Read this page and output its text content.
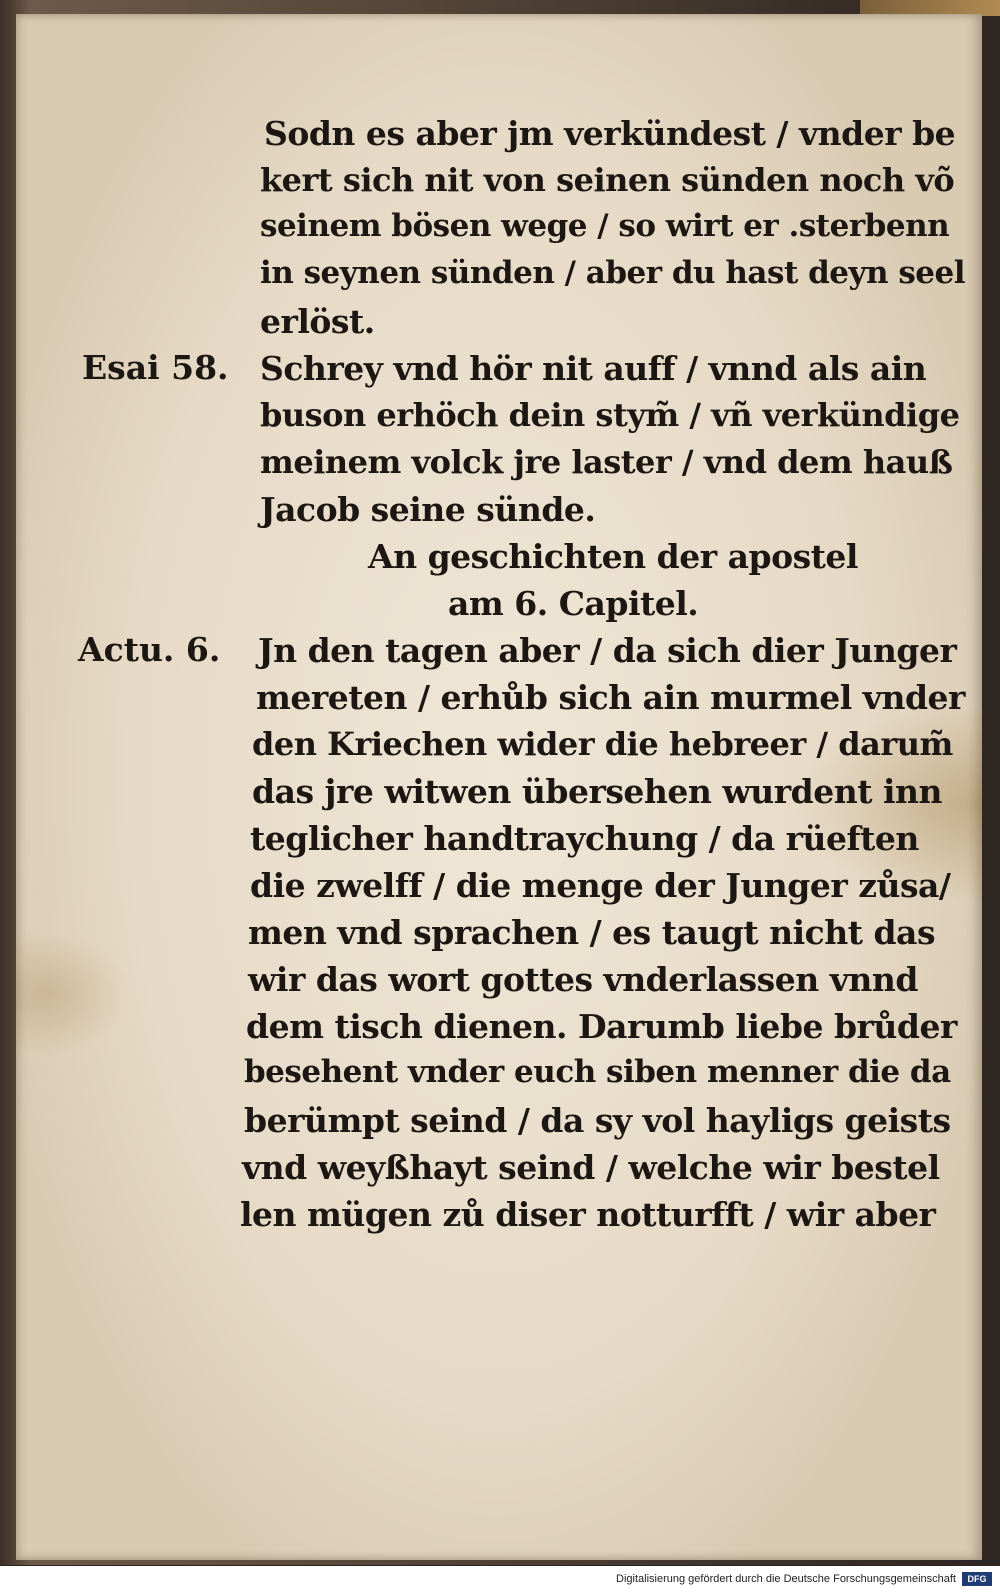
Sodn es aber jm verkündest / vnder be
kert sich nit von seinen sünden noch võ
seinem bösen wege / so wirt er .sterbenn
in seynen sünden / aber du hast deyn seel
erlöst.
Esai 58. Schrey vnd hör nit auff / vnnd als ain
buson erhöch dein stym̃ / vñ verkündige
meinem volck jre laster / vnd dem hauß
Jacob seine sünde.
An geschichten der apostel
am 6. Capitel.
Actu. 6. Jn den tagen aber / da sich dier Junger
mereten / erhůb sich ain murmel vnder
den Kriechen wider die hebreer / darum̃
das jre witwen übersehen wurdent inn
teglicher handtraychung / da rüeften
die zwelff / die menge der Junger zůsa/
men vnd sprachen / es taugt nicht das
wir das wort gottes vnderlassen vnnd
dem tisch dienen. Darumb liebe brůder
besehent vnder euch siben menner die da
berümpt seind / da sy vol hayligs geists
vnd weyßhayt seind / welche wir bestel
len mügen zů diser notturfft / wir aber
Digitalisierung gefördert durch die Deutsche Forschungsgemeinschaft	DFG
